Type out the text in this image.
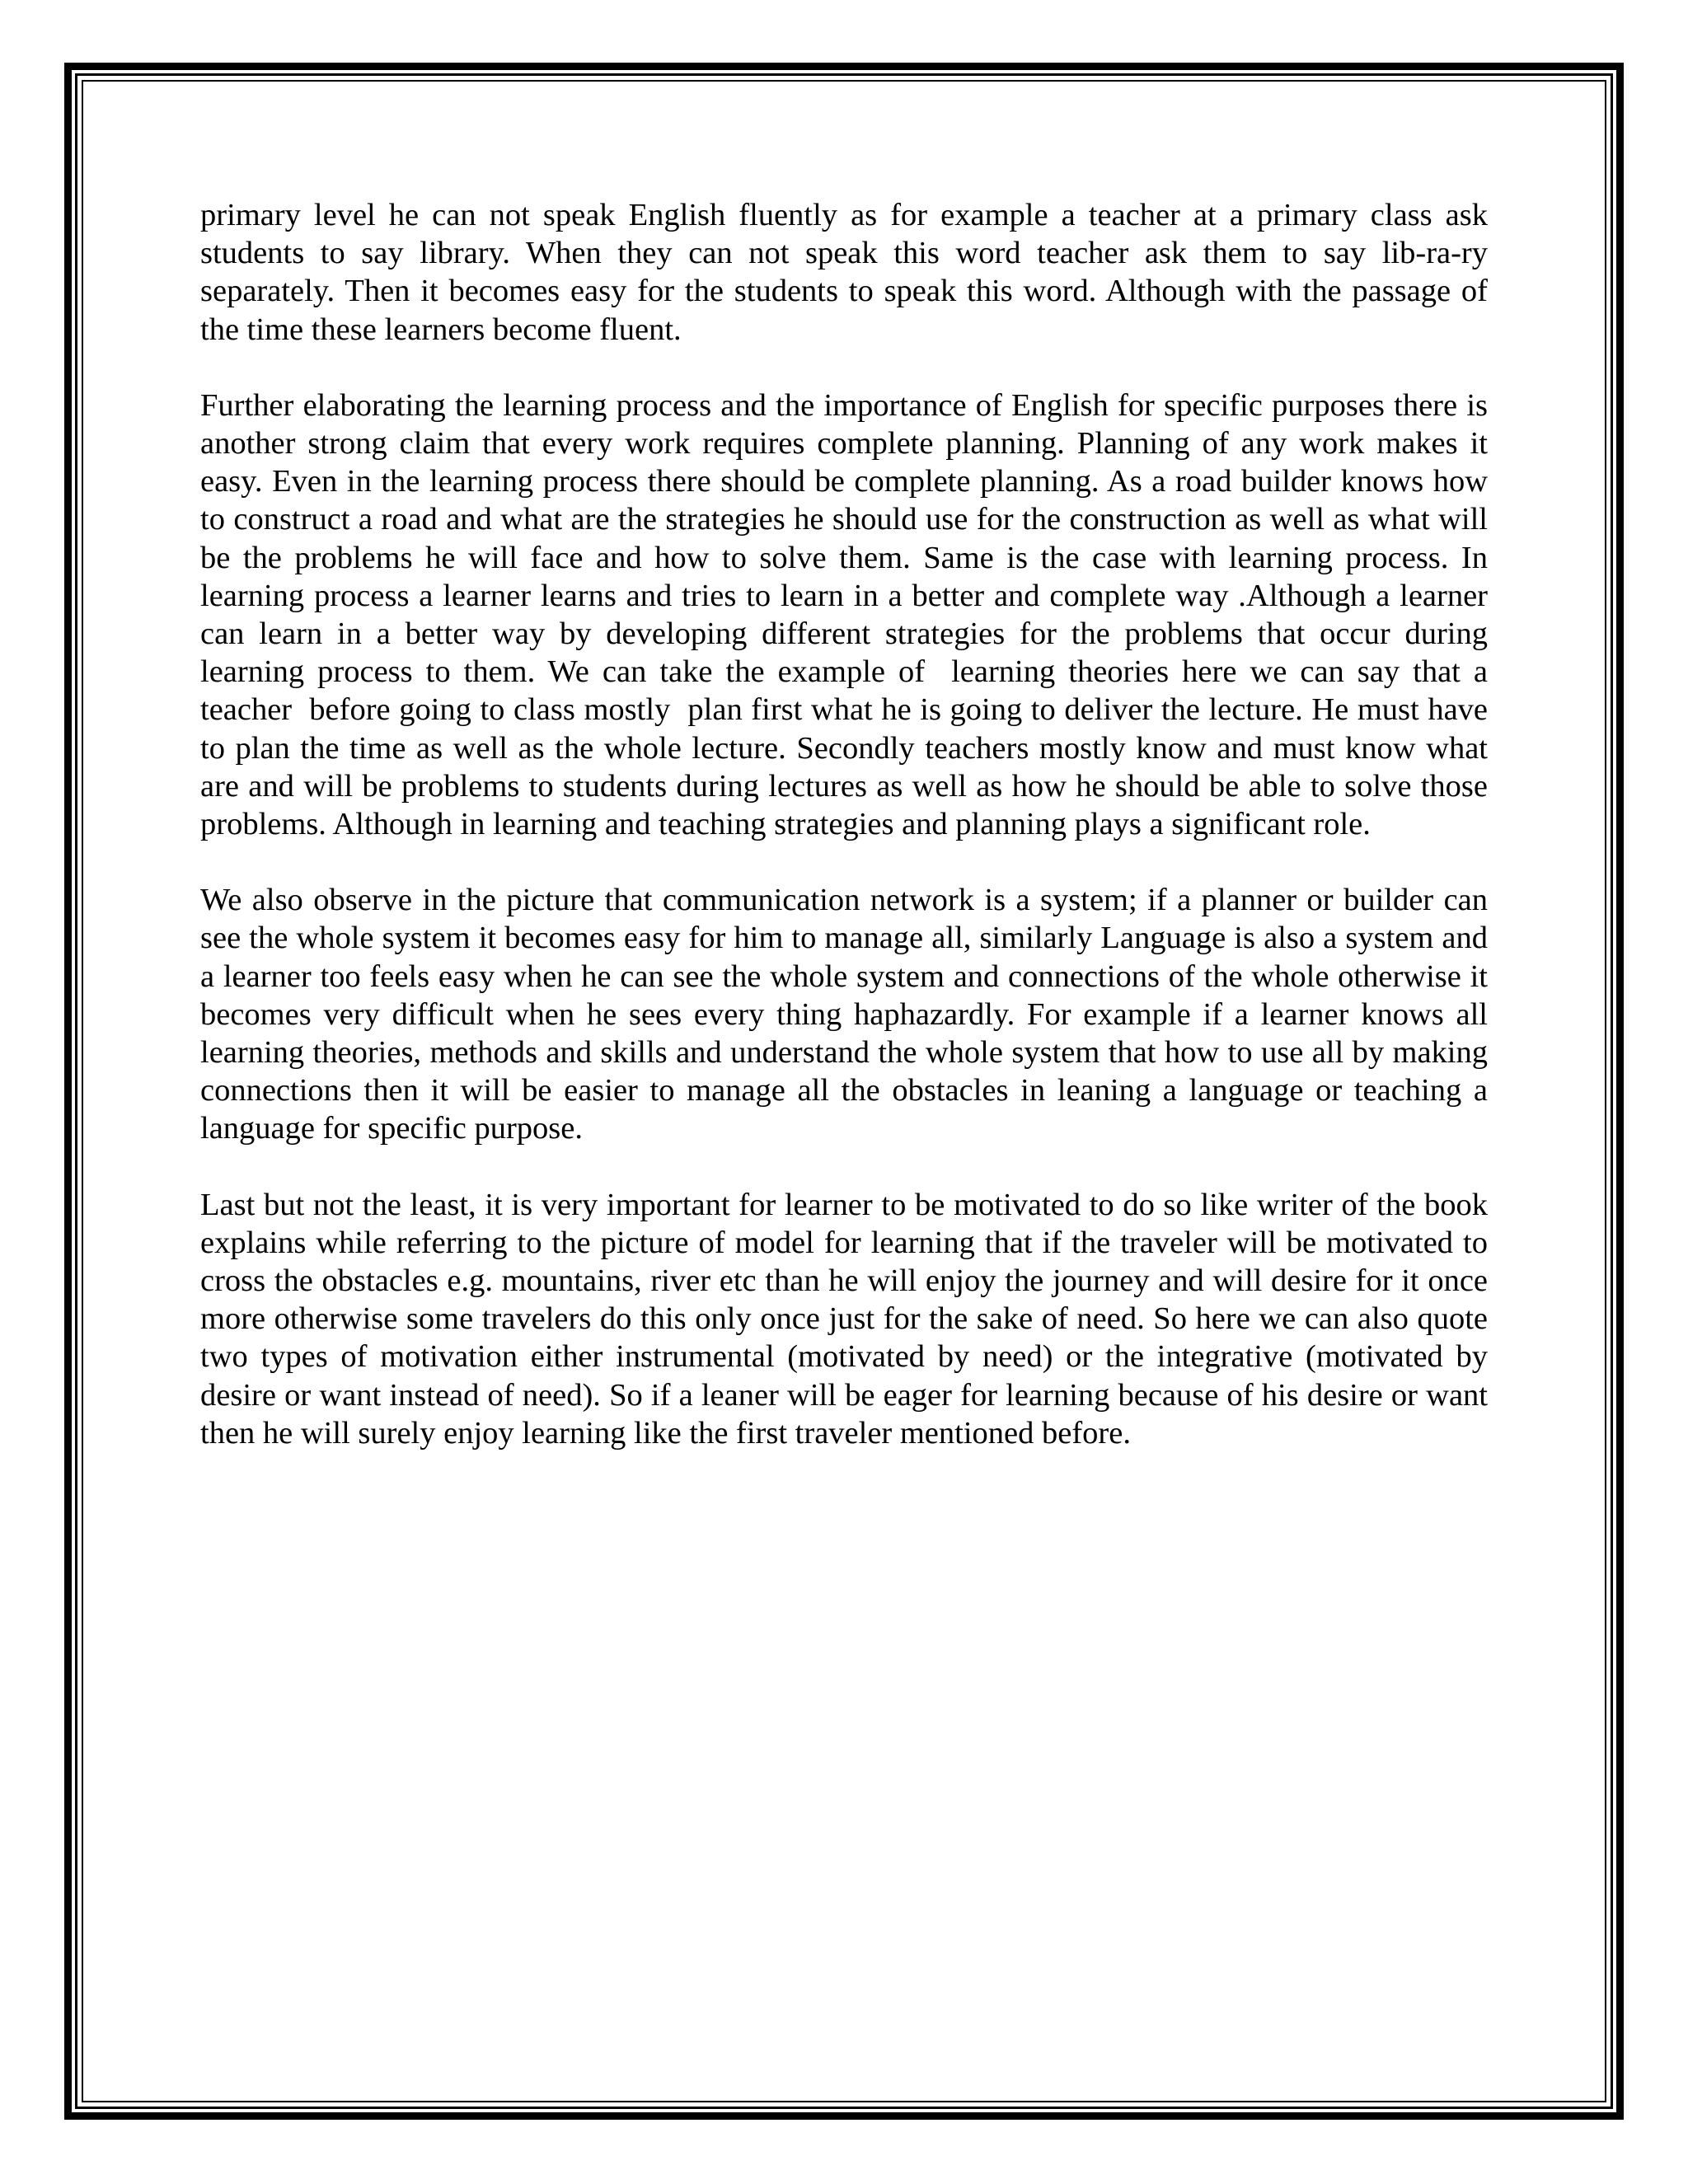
primary level he can not speak English fluently as for example a teacher at a primary class ask students to say library. When they can not speak this word teacher ask them to say lib-ra-ry separately. Then it becomes easy for the students to speak this word. Although with the passage of the time these learners become fluent.

Further elaborating the learning process and the importance of English for specific purposes there is another strong claim that every work requires complete planning. Planning of any work makes it easy. Even in the learning process there should be complete planning. As a road builder knows how to construct a road and what are the strategies he should use for the construction as well as what will be the problems he will face and how to solve them. Same is the case with learning process. In learning process a learner learns and tries to learn in a better and complete way .Although a learner can learn in a better way by developing different strategies for the problems that occur during learning process to them. We can take the example of  learning theories here we can say that a teacher  before going to class mostly  plan first what he is going to deliver the lecture. He must have to plan the time as well as the whole lecture. Secondly teachers mostly know and must know what are and will be problems to students during lectures as well as how he should be able to solve those problems. Although in learning and teaching strategies and planning plays a significant role.

We also observe in the picture that communication network is a system; if a planner or builder can see the whole system it becomes easy for him to manage all, similarly Language is also a system and a learner too feels easy when he can see the whole system and connections of the whole otherwise it becomes very difficult when he sees every thing haphazardly. For example if a learner knows all learning theories, methods and skills and understand the whole system that how to use all by making connections then it will be easier to manage all the obstacles in leaning a language or teaching a language for specific purpose.

Last but not the least, it is very important for learner to be motivated to do so like writer of the book explains while referring to the picture of model for learning that if the traveler will be motivated to cross the obstacles e.g. mountains, river etc than he will enjoy the journey and will desire for it once more otherwise some travelers do this only once just for the sake of need. So here we can also quote two types of motivation either instrumental (motivated by need) or the integrative (motivated by desire or want instead of need). So if a leaner will be eager for learning because of his desire or want then he will surely enjoy learning like the first traveler mentioned before.
